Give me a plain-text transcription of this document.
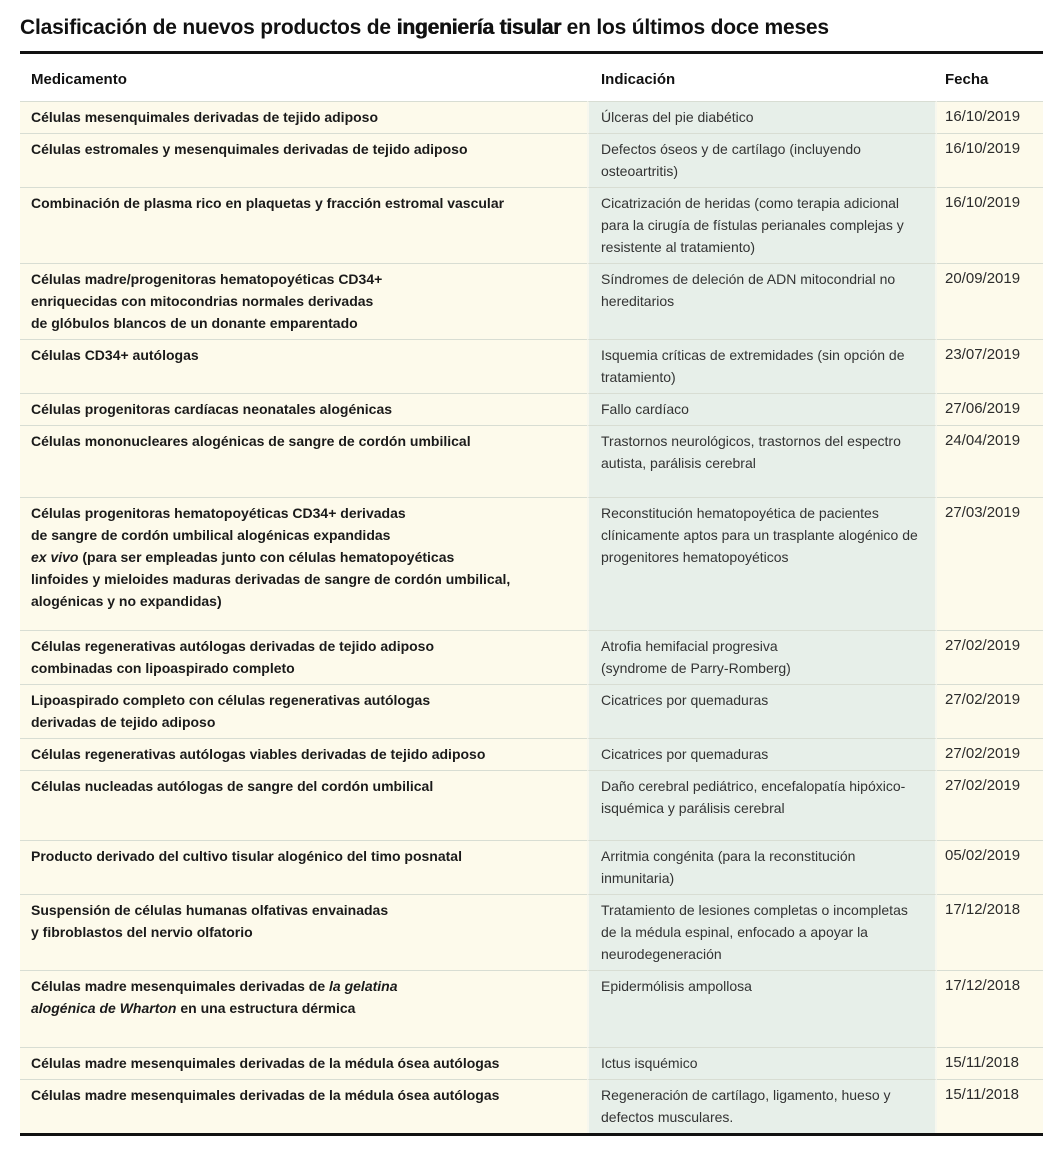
Clasificación de nuevos productos de ingeniería tisular en los últimos doce meses
Medicamento	Indicación	Fecha
Células mesenquimales derivadas de tejido adiposo	Úlceras del pie diabético	16/10/2019
Células estromales y mesenquimales derivadas de tejido adiposo	Defectos óseos y de cartílago (incluyendo osteoartritis)	16/10/2019
Combinación de plasma rico en plaquetas y fracción estromal vascular	Cicatrización de heridas (como terapia adicional para la cirugía de fístulas perianales complejas y resistente al tratamiento)	16/10/2019
Células madre/progenitoras hematopoyéticas CD34+
enriquecidas con mitocondrias normales derivadas
de glóbulos blancos de un donante emparentado	Síndromes de deleción de ADN mitocondrial no hereditarios	20/09/2019
Células CD34+ autólogas	Isquemia críticas de extremidades (sin opción de tratamiento)	23/07/2019
Células progenitoras cardíacas neonatales alogénicas	Fallo cardíaco	27/06/2019
Células mononucleares alogénicas de sangre de cordón umbilical	Trastornos neurológicos, trastornos del espectro autista, parálisis cerebral	24/04/2019
Células progenitoras hematopoyéticas CD34+ derivadas
de sangre de cordón umbilical alogénicas expandidas
ex vivo (para ser empleadas junto con células hematopoyéticas
linfoides y mieloides maduras derivadas de sangre de cordón umbilical,
alogénicas y no expandidas)	Reconstitución hematopoyética de pacientes clínicamente aptos para un trasplante alogénico de progenitores hematopoyéticos	27/03/2019
Células regenerativas autólogas derivadas de tejido adiposo
combinadas con lipoaspirado completo	Atrofia hemifacial progresiva
(syndrome de Parry-Romberg)	27/02/2019
Lipoaspirado completo con células regenerativas autólogas
derivadas de tejido adiposo	Cicatrices por quemaduras	27/02/2019
Células regenerativas autólogas viables derivadas de tejido adiposo	Cicatrices por quemaduras	27/02/2019
Células nucleadas autólogas de sangre del cordón umbilical	Daño cerebral pediátrico, encefalopatía hipóxico-isquémica y parálisis cerebral	27/02/2019
Producto derivado del cultivo tisular alogénico del timo posnatal	Arritmia congénita (para la reconstitución inmunitaria)	05/02/2019
Suspensión de células humanas olfativas envainadas
y fibroblastos del nervio olfatorio	Tratamiento de lesiones completas o incompletas de la médula espinal, enfocado a apoyar la neurodegeneración	17/12/2018
Células madre mesenquimales derivadas de la gelatina
alogénica de Wharton en una estructura dérmica	Epidermólisis ampollosa	17/12/2018
Células madre mesenquimales derivadas de la médula ósea autólogas	Ictus isquémico	15/11/2018
Células madre mesenquimales derivadas de la médula ósea autólogas	Regeneración de cartílago, ligamento, hueso y defectos musculares.	15/11/2018
